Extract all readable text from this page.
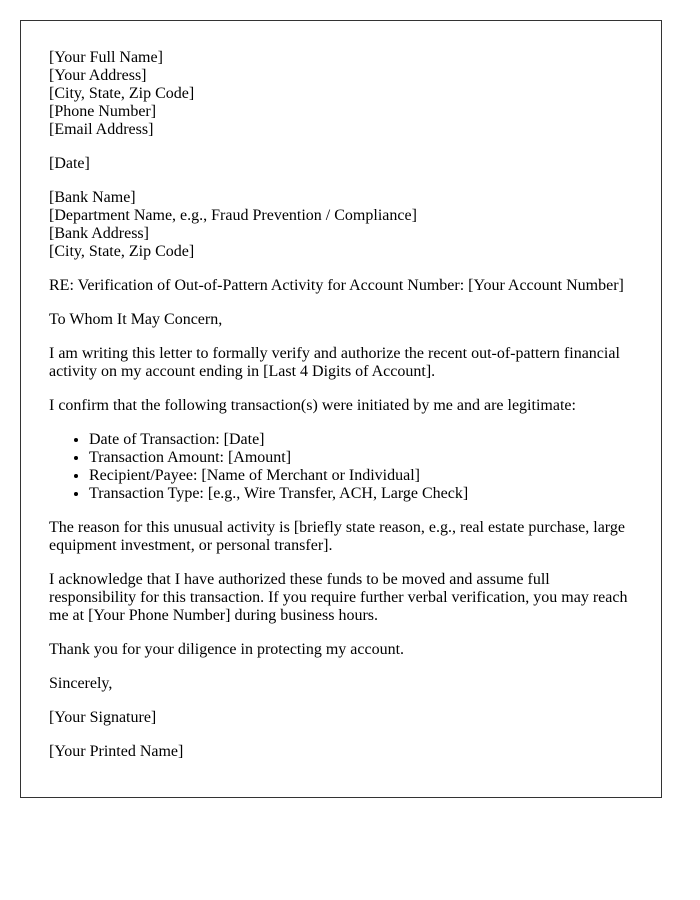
[Your Full Name]
[Your Address]
[City, State, Zip Code]
[Phone Number]
[Email Address]

[Date]

[Bank Name]
[Department Name, e.g., Fraud Prevention / Compliance]
[Bank Address]
[City, State, Zip Code]

RE: Verification of Out-of-Pattern Activity for Account Number: [Your Account Number]

To Whom It May Concern,

I am writing this letter to formally verify and authorize the recent out-of-pattern financial activity on my account ending in [Last 4 Digits of Account].

I confirm that the following transaction(s) were initiated by me and are legitimate:

• Date of Transaction: [Date]
• Transaction Amount: [Amount]
• Recipient/Payee: [Name of Merchant or Individual]
• Transaction Type: [e.g., Wire Transfer, ACH, Large Check]

The reason for this unusual activity is [briefly state reason, e.g., real estate purchase, large equipment investment, or personal transfer].

I acknowledge that I have authorized these funds to be moved and assume full responsibility for this transaction. If you require further verbal verification, you may reach me at [Your Phone Number] during business hours.

Thank you for your diligence in protecting my account.

Sincerely,

[Your Signature]

[Your Printed Name]
